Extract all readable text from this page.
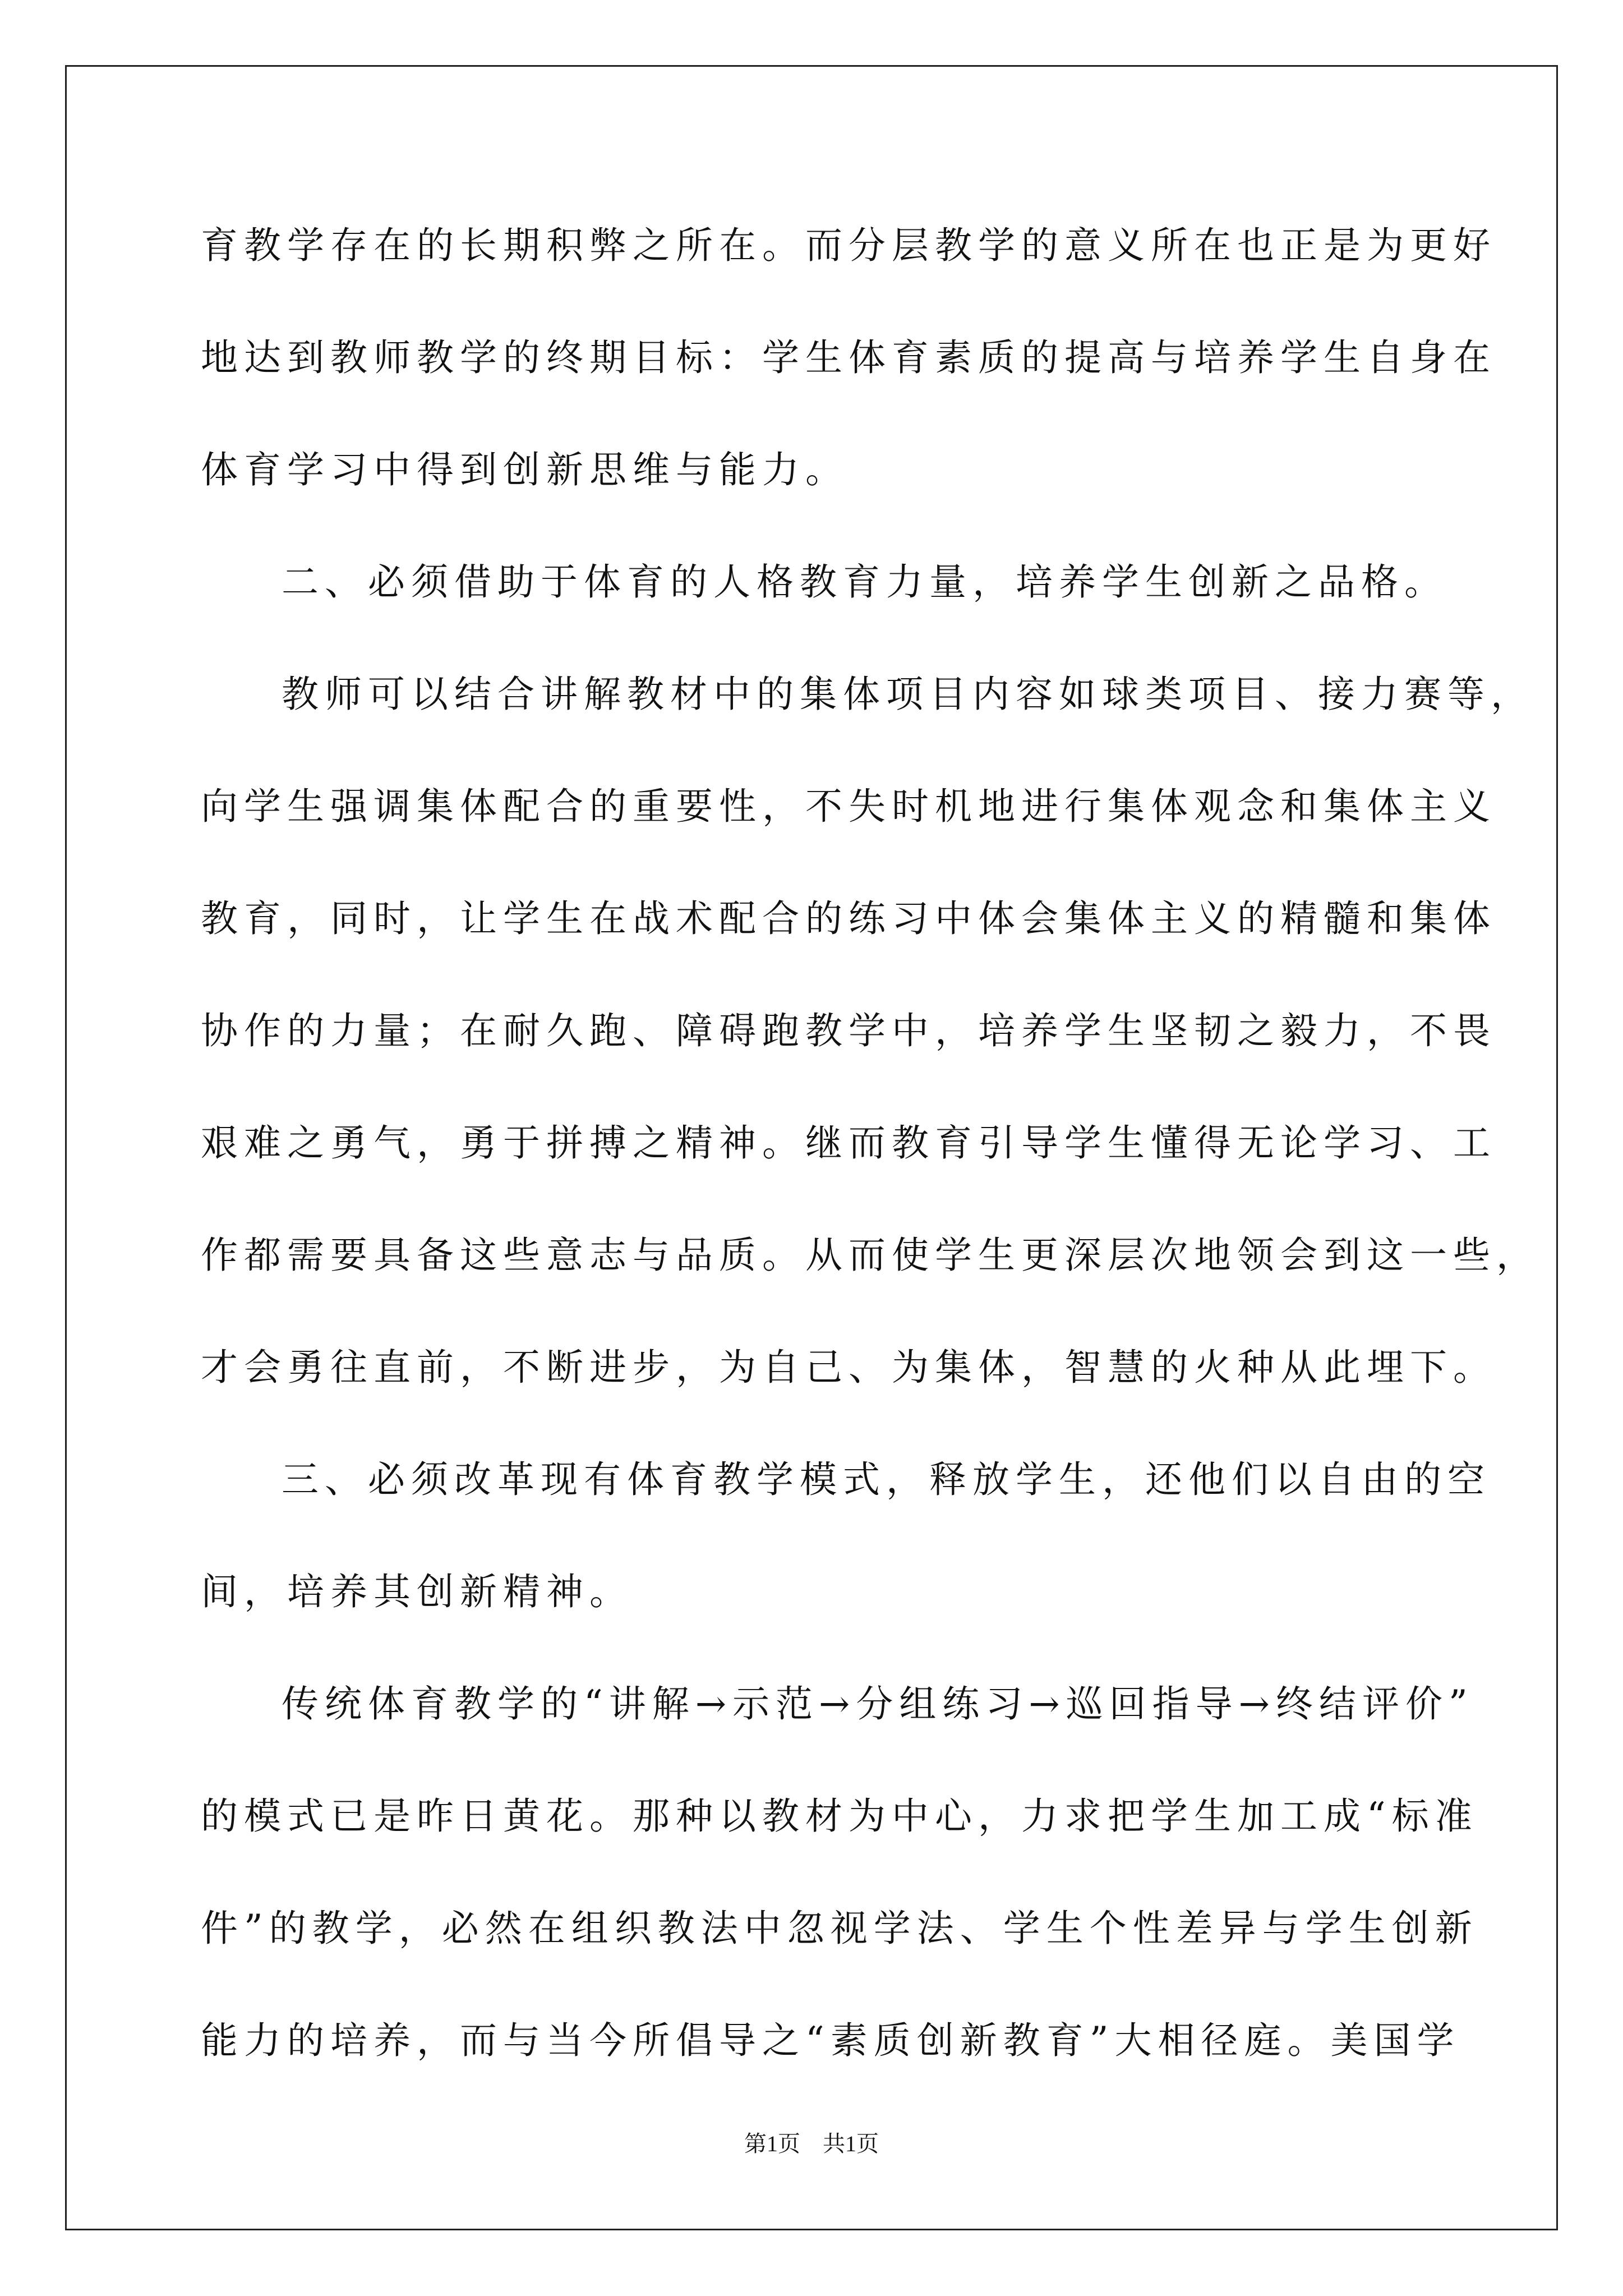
育教学存在的长期积弊之所在。而分层教学的意义所在也正是为更好
地达到教师教学的终期目标：学生体育素质的提高与培养学生自身在
体育学习中得到创新思维与能力。
二、必须借助于体育的人格教育力量，培养学生创新之品格。
教师可以结合讲解教材中的集体项目内容如球类项目、接力赛等，
向学生强调集体配合的重要性，不失时机地进行集体观念和集体主义
教育，同时，让学生在战术配合的练习中体会集体主义的精髓和集体
协作的力量；在耐久跑、障碍跑教学中，培养学生坚韧之毅力，不畏
艰难之勇气，勇于拼搏之精神。继而教育引导学生懂得无论学习、工
作都需要具备这些意志与品质。从而使学生更深层次地领会到这一些，
才会勇往直前，不断进步，为自己、为集体，智慧的火种从此埋下。
三、必须改革现有体育教学模式，释放学生，还他们以自由的空
间，培养其创新精神。
传统体育教学的“讲解→示范→分组练习→巡回指导→终结评价”
的模式已是昨日黄花。那种以教材为中心，力求把学生加工成“标准
件”的教学，必然在组织教法中忽视学法、学生个性差异与学生创新
能力的培养，而与当今所倡导之“素质创新教育”大相径庭。美国学
第1页　共1页
